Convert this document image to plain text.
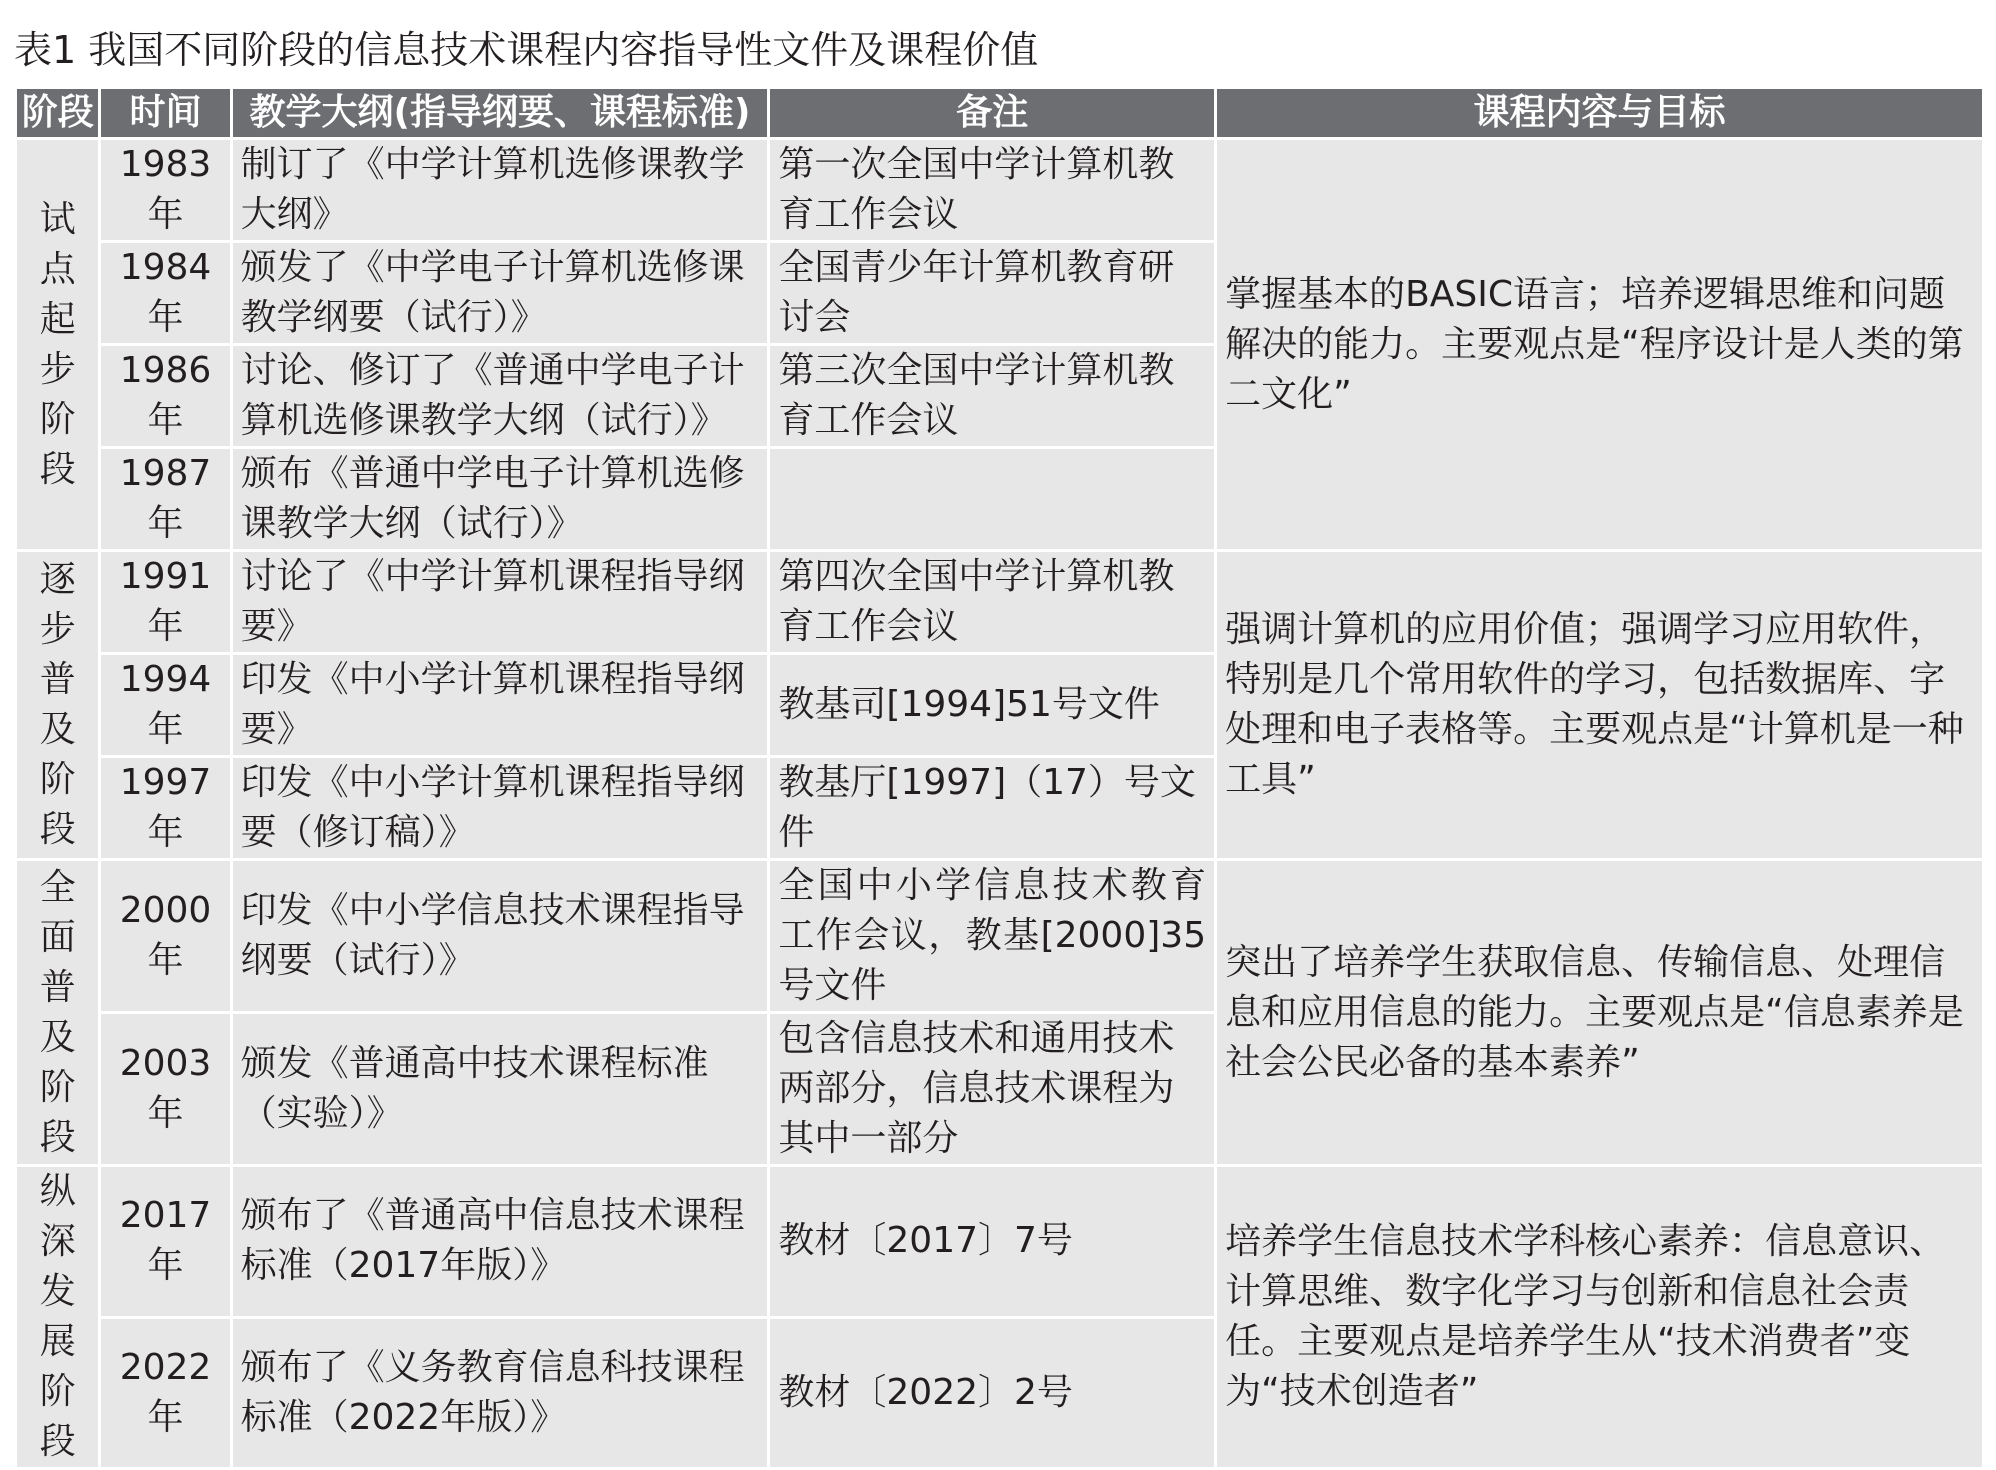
表1 我国不同阶段的信息技术课程内容指导性文件及课程价值
阶段	时间	教学大纲(指导纲要、课程标准)	备注	课程内容与目标
试点起步阶段	1983年	制订了《中学计算机选修课教学大纲》	第一次全国中学计算机教育工作会议	掌握基本的BASIC语言；培养逻辑思维和问题解决的能力。主要观点是“程序设计是人类的第二文化”
	1984年	颁发了《中学电子计算机选修课教学纲要（试行）》	全国青少年计算机教育研讨会	
	1986年	讨论、修订了《普通中学电子计算机选修课教学大纲（试行）》	第三次全国中学计算机教育工作会议	
	1987年	颁布《普通中学电子计算机选修课教学大纲（试行）》		
逐步普及阶段	1991年	讨论了《中学计算机课程指导纲要》	第四次全国中学计算机教育工作会议	强调计算机的应用价值；强调学习应用软件，特别是几个常用软件的学习，包括数据库、字处理和电子表格等。主要观点是“计算机是一种工具”
	1994年	印发《中小学计算机课程指导纲要》	教基司[1994]51号文件	
	1997年	印发《中小学计算机课程指导纲要（修订稿）》	教基厅[1997]（17）号文件	
全面普及阶段	2000年	印发《中小学信息技术课程指导纲要（试行）》	全国中小学信息技术教育工作会议，教基[2000]35号文件	突出了培养学生获取信息、传输信息、处理信息和应用信息的能力。主要观点是“信息素养是社会公民必备的基本素养”
	2003年	颁发《普通高中技术课程标准（实验）》	包含信息技术和通用技术两部分，信息技术课程为其中一部分	
纵深发展阶段	2017年	颁布了《普通高中信息技术课程标准（2017年版）》	教材〔2017〕7号	培养学生信息技术学科核心素养：信息意识、计算思维、数字化学习与创新和信息社会责任。主要观点是培养学生从“技术消费者”变为“技术创造者”
	2022年	颁布了《义务教育信息科技课程标准（2022年版）》	教材〔2022〕2号	
